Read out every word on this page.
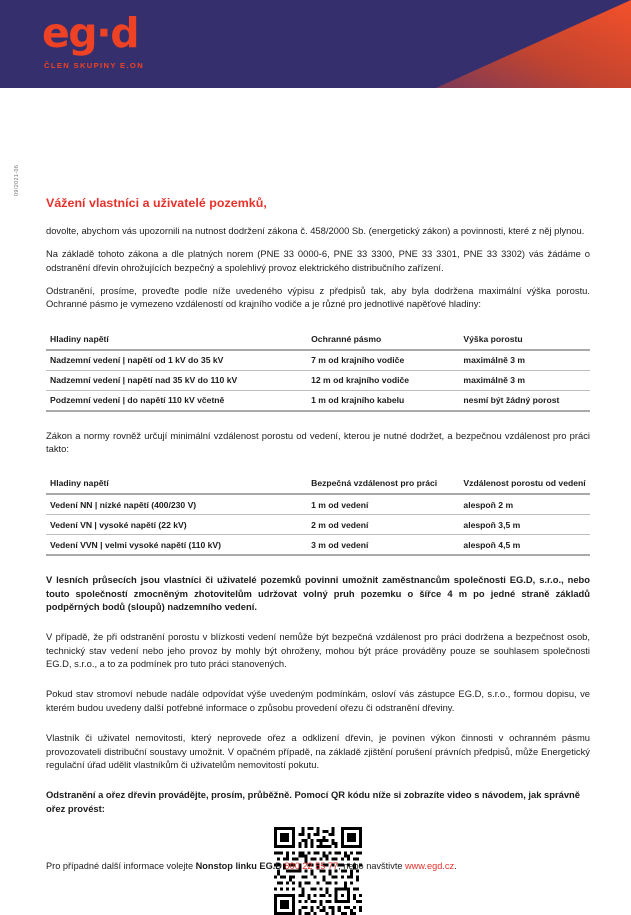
eg·d
ČLEN SKUPINY E.ON
09/2021-06
Vážení vlastníci a uživatelé pozemků,

dovolte, abychom vás upozornili na nutnost dodržení zákona č. 458/2000 Sb. (energetický zákon) a povinnosti, které z něj plynou.

Na základě tohoto zákona a dle platných norem (PNE 33 0000-6, PNE 33 3300, PNE 33 3301, PNE 33 3302) vás žádáme o odstranění dřevin ohrožujících bezpečný a spolehlivý provoz elektrického distribučního zařízení.

Odstranění, prosíme, proveďte podle níže uvedeného výpisu z předpisů tak, aby byla dodržena maximální výška porostu. Ochranné pásmo je vymezeno vzdáleností od krajního vodiče a je různé pro jednotlivé napěťové hladiny:

Hladiny napětí	Ochranné pásmo	Výška porostu
Nadzemní vedení | napětí od 1 kV do 35 kV	7 m od krajního vodiče	maximálně 3 m
Nadzemní vedení | napětí nad 35 kV do 110 kV	12 m od krajního vodiče	maximálně 3 m
Podzemní vedení | do napětí 110 kV včetně	1 m od krajního kabelu	nesmí být žádný porost

Zákon a normy rovněž určují minimální vzdálenost porostu od vedení, kterou je nutné dodržet, a bezpečnou vzdálenost pro práci takto:

Hladiny napětí	Bezpečná vzdálenost pro práci	Vzdálenost porostu od vedení
Vedení NN | nízké napětí (400/230 V)	1 m od vedení	alespoň 2 m
Vedení VN | vysoké napětí (22 kV)	2 m od vedení	alespoň 3,5 m
Vedení VVN | velmi vysoké napětí (110 kV)	3 m od vedení	alespoň 4,5 m

V lesních průsecích jsou vlastníci či uživatelé pozemků povinni umožnit zaměstnancům společnosti EG.D, s.r.o., nebo touto společností zmocněným zhotovitelům udržovat volný pruh pozemku o šířce 4 m po jedné straně základů podpěrných bodů (sloupů) nadzemního vedení.

V případě, že při odstranění porostu v blízkosti vedení nemůže být bezpečná vzdálenost pro práci dodržena a bezpečnost osob, technický stav vedení nebo jeho provoz by mohly být ohroženy, mohou být práce prováděny pouze se souhlasem společnosti EG.D, s.r.o., a to za podmínek pro tuto práci stanovených.

Pokud stav stromoví nebude nadále odpovídat výše uvedeným podmínkám, osloví vás zástupce EG.D, s.r.o., formou dopisu, ve kterém budou uvedeny další potřebné informace o způsobu provedení ořezu či odstranění dřeviny.

Vlastník či uživatel nemovitosti, který neprovede ořez a odklizení dřevin, je povinen výkon činnosti v ochranném pásmu provozovateli distribuční soustavy umožnit. V opačném případě, na základě zjištění porušení právních předpisů, může Energetický regulační úřad udělit vlastníkům či uživatelům nemovitostí pokutu.

Odstranění a ořez dřevin provádějte, prosím, průběžně. Pomocí QR kódu níže si zobrazíte video s návodem, jak správně ořez provést:

Pro případné další informace volejte Nonstop linku EG.D 800 22 55 77, nebo navštivte www.egd.cz.
